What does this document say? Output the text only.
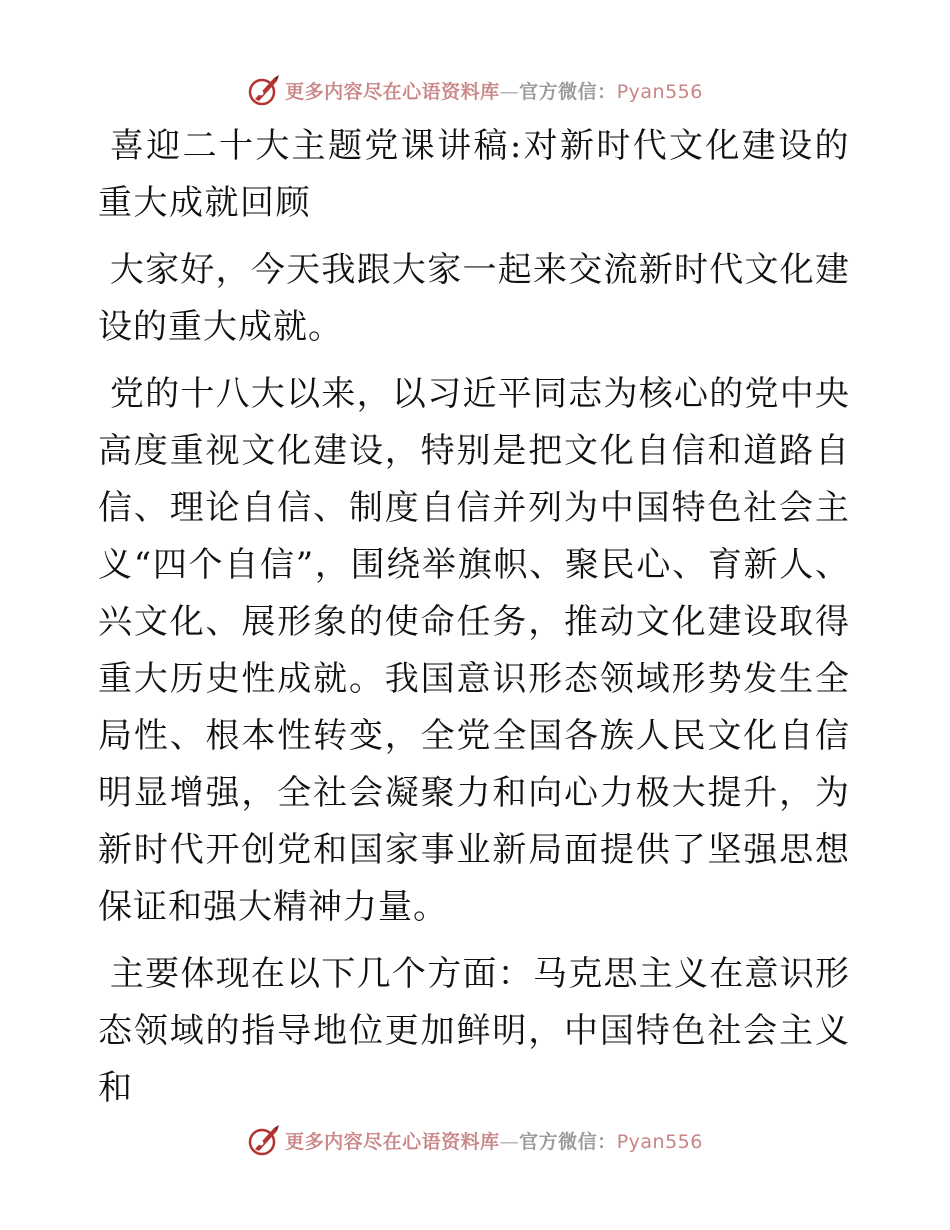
更多内容尽在心语资料库—官方微信：Pyan556

喜迎二十大主题党课讲稿:对新时代文化建设的重大成就回顾

大家好，今天我跟大家一起来交流新时代文化建设的重大成就。

党的十八大以来，以习近平同志为核心的党中央高度重视文化建设，特别是把文化自信和道路自信、理论自信、制度自信并列为中国特色社会主义“四个自信”，围绕举旗帜、聚民心、育新人、兴文化、展形象的使命任务，推动文化建设取得重大历史性成就。我国意识形态领域形势发生全局性、根本性转变，全党全国各族人民文化自信明显增强，全社会凝聚力和向心力极大提升，为新时代开创党和国家事业新局面提供了坚强思想保证和强大精神力量。

主要体现在以下几个方面：马克思主义在意识形态领域的指导地位更加鲜明，中国特色社会主义和

更多内容尽在心语资料库—官方微信：Pyan556
